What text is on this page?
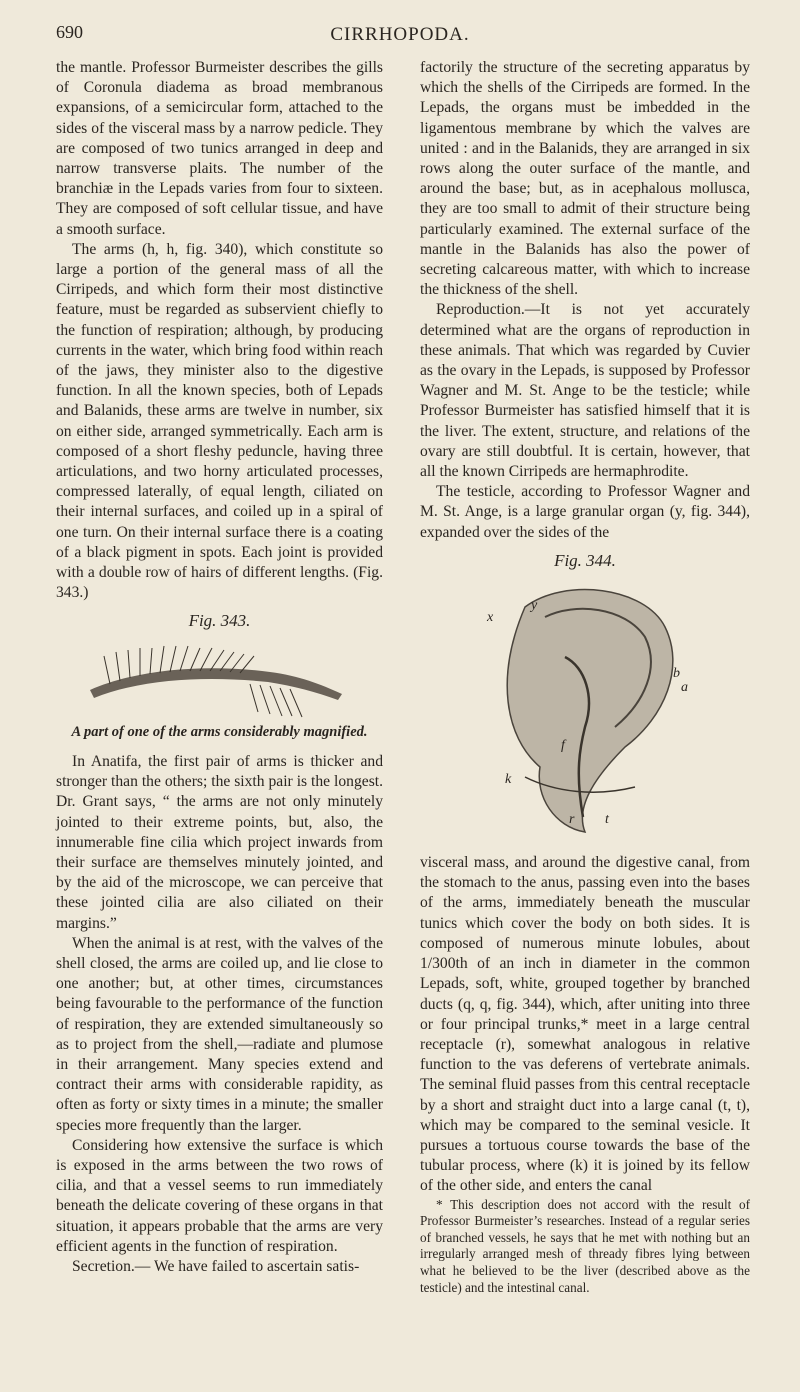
690	CIRRHOPODA.

the mantle. Professor Burmeister describes the gills of Coronula diadema as broad membranous expansions, of a semicircular form, attached to the sides of the visceral mass by a narrow pedicle. They are composed of two tunics arranged in deep and narrow transverse plaits. The number of the branchiæ in the Lepads varies from four to sixteen. They are composed of soft cellular tissue, and have a smooth surface.

The arms (h, h, fig. 340), which constitute so large a portion of the general mass of all the Cirripeds, and which form their most distinctive feature, must be regarded as subservient chiefly to the function of respiration; although, by producing currents in the water, which bring food within reach of the jaws, they minister also to the digestive function. In all the known species, both of Lepads and Balanids, these arms are twelve in number, six on either side, arranged symmetrically. Each arm is composed of a short fleshy peduncle, having three articulations, and two horny articulated processes, compressed laterally, of equal length, ciliated on their internal surfaces, and coiled up in a spiral of one turn. On their internal surface there is a coating of a black pigment in spots. Each joint is provided with a double row of hairs of different lengths. (Fig. 343.)

Fig. 343.
A part of one of the arms considerably magnified.

In Anatifa, the first pair of arms is thicker and stronger than the others; the sixth pair is the longest. Dr. Grant says, “ the arms are not only minutely jointed to their extreme points, but, also, the innumerable fine cilia which project inwards from their surface are themselves minutely jointed, and by the aid of the microscope, we can perceive that these jointed cilia are also ciliated on their margins.”

When the animal is at rest, with the valves of the shell closed, the arms are coiled up, and lie close to one another; but, at other times, circumstances being favourable to the performance of the function of respiration, they are extended simultaneously so as to project from the shell,—radiate and plumose in their arrangement. Many species extend and contract their arms with considerable rapidity, as often as forty or sixty times in a minute; the smaller species more frequently than the larger.

Considering how extensive the surface is which is exposed in the arms between the two rows of cilia, and that a vessel seems to run immediately beneath the delicate covering of these organs in that situation, it appears probable that the arms are very efficient agents in the function of respiration.

Secretion.— We have failed to ascertain satis-

factorily the structure of the secreting apparatus by which the shells of the Cirripeds are formed. In the Lepads, the organs must be imbedded in the ligamentous membrane by which the valves are united : and in the Balanids, they are arranged in six rows along the outer surface of the mantle, and around the base; but, as in acephalous mollusca, they are too small to admit of their structure being particularly examined. The external surface of the mantle in the Balanids has also the power of secreting calcareous matter, with which to increase the thickness of the shell.

Reproduction.—It is not yet accurately determined what are the organs of reproduction in these animals. That which was regarded by Cuvier as the ovary in the Lepads, is supposed by Professor Wagner and M. St. Ange to be the testicle; while Professor Burmeister has satisfied himself that it is the liver. The extent, structure, and relations of the ovary are still doubtful. It is certain, however, that all the known Cirripeds are hermaphrodite.

The testicle, according to Professor Wagner and M. St. Ange, is a large granular organ (y, fig. 344), expanded over the sides of the

Fig. 344.
x
y
b
a
f
k
r t

visceral mass, and around the digestive canal, from the stomach to the anus, passing even into the bases of the arms, immediately beneath the muscular tunics which cover the body on both sides. It is composed of numerous minute lobules, about 1/300th of an inch in diameter in the common Lepads, soft, white, grouped together by branched ducts (q, q, fig. 344), which, after uniting into three or four principal trunks,* meet in a large central receptacle (r), somewhat analogous in relative function to the vas deferens of vertebrate animals. The seminal fluid passes from this central receptacle by a short and straight duct into a large canal (t, t), which may be compared to the seminal vesicle. It pursues a tortuous course towards the base of the tubular process, where (k) it is joined by its fellow of the other side, and enters the canal

* This description does not accord with the result of Professor Burmeister’s researches. Instead of a regular series of branched vessels, he says that he met with nothing but an irregularly arranged mesh of thready fibres lying between what he believed to be the liver (described above as the testicle) and the intestinal canal.
